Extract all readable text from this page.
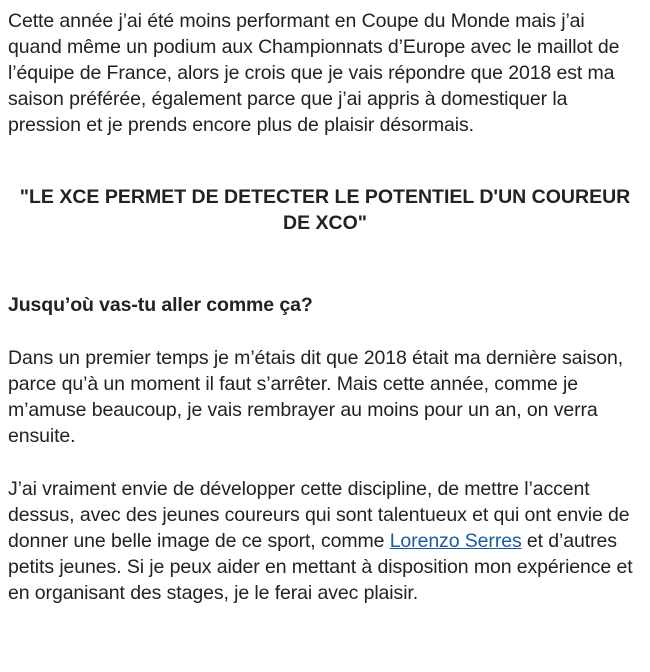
Cette année j’ai été moins performant en Coupe du Monde mais j’ai quand même un podium aux Championnats d’Europe avec le maillot de l’équipe de France, alors je crois que je vais répondre que 2018 est ma saison préférée, également parce que j’ai appris à domestiquer la pression et je prends encore plus de plaisir désormais.

"LE XCE PERMET DE DETECTER LE POTENTIEL D'UN COUREUR DE XCO"

Jusqu’où vas-tu aller comme ça?

Dans un premier temps je m’étais dit que 2018 était ma dernière saison, parce qu’à un moment il faut s’arrêter. Mais cette année, comme je m’amuse beaucoup, je vais rembrayer au moins pour un an, on verra ensuite.

J’ai vraiment envie de développer cette discipline, de mettre l’accent dessus, avec des jeunes coureurs qui sont talentueux et qui ont envie de donner une belle image de ce sport, comme Lorenzo Serres et d’autres petits jeunes. Si je peux aider en mettant à disposition mon expérience et en organisant des stages, je le ferai avec plaisir.
